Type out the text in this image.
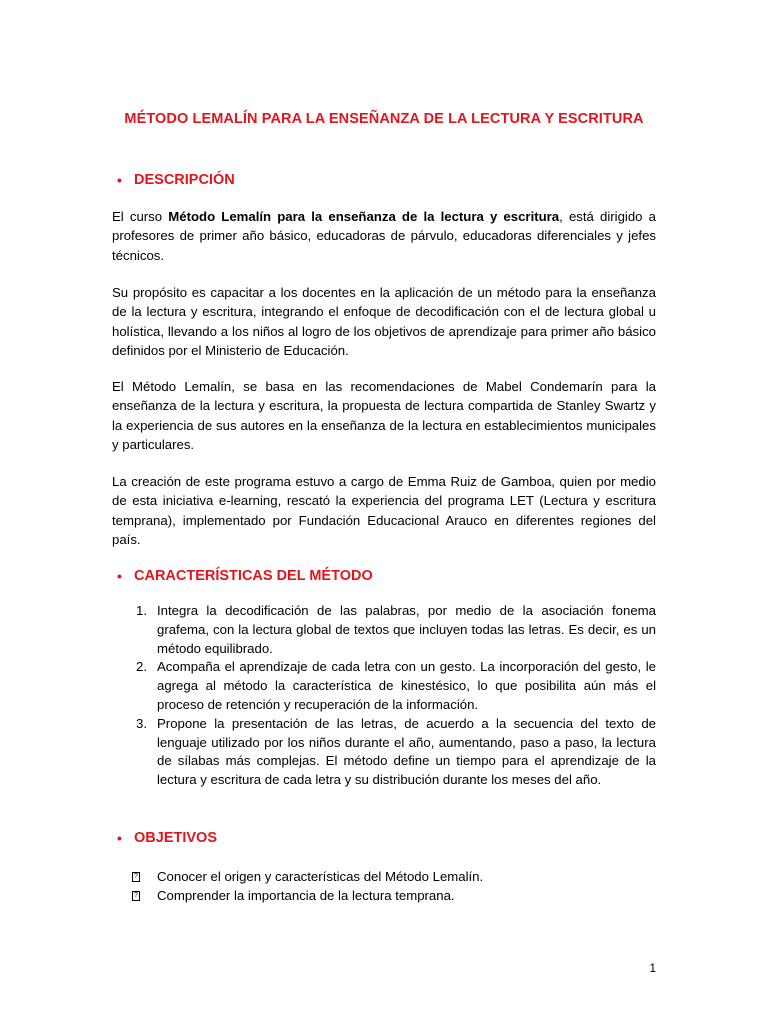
MÉTODO LEMALÍN PARA LA ENSEÑANZA DE LA LECTURA Y ESCRITURA
• DESCRIPCIÓN

El curso Método Lemalín para la enseñanza de la lectura y escritura, está dirigido a profesores de primer año básico, educadoras de párvulo, educadoras diferenciales y jefes técnicos.

Su propósito es capacitar a los docentes en la aplicación de un método para la enseñanza de la lectura y escritura, integrando el enfoque de decodificación con el de lectura global u holística, llevando a los niños al logro de los objetivos de aprendizaje para primer año básico definidos por el Ministerio de Educación.

El Método Lemalín, se basa en las recomendaciones de Mabel Condemarín para la enseñanza de la lectura y escritura, la propuesta de lectura compartida de Stanley Swartz y la experiencia de sus autores en la enseñanza de la lectura en establecimientos municipales y particulares.

La creación de este programa estuvo a cargo de Emma Ruiz de Gamboa, quien por medio de esta iniciativa e-learning, rescató la experiencia del programa LET (Lectura y escritura temprana), implementado por Fundación Educacional Arauco en diferentes regiones del país.

• CARACTERÍSTICAS DEL MÉTODO
1. Integra la decodificación de las palabras, por medio de la asociación fonema grafema, con la lectura global de textos que incluyen todas las letras. Es decir, es un método equilibrado.
2. Acompaña el aprendizaje de cada letra con un gesto. La incorporación del gesto, le agrega al método la característica de kinestésico, lo que posibilita aún más el proceso de retención y recuperación de la información.
3. Propone la presentación de las letras, de acuerdo a la secuencia del texto de lenguaje utilizado por los niños durante el año, aumentando, paso a paso, la lectura de sílabas más complejas. El método define un tiempo para el aprendizaje de la lectura y escritura de cada letra y su distribución durante los meses del año.
• OBJETIVOS
? Conocer el origen y características del Método Lemalín.
? Comprender la importancia de la lectura temprana.
1
